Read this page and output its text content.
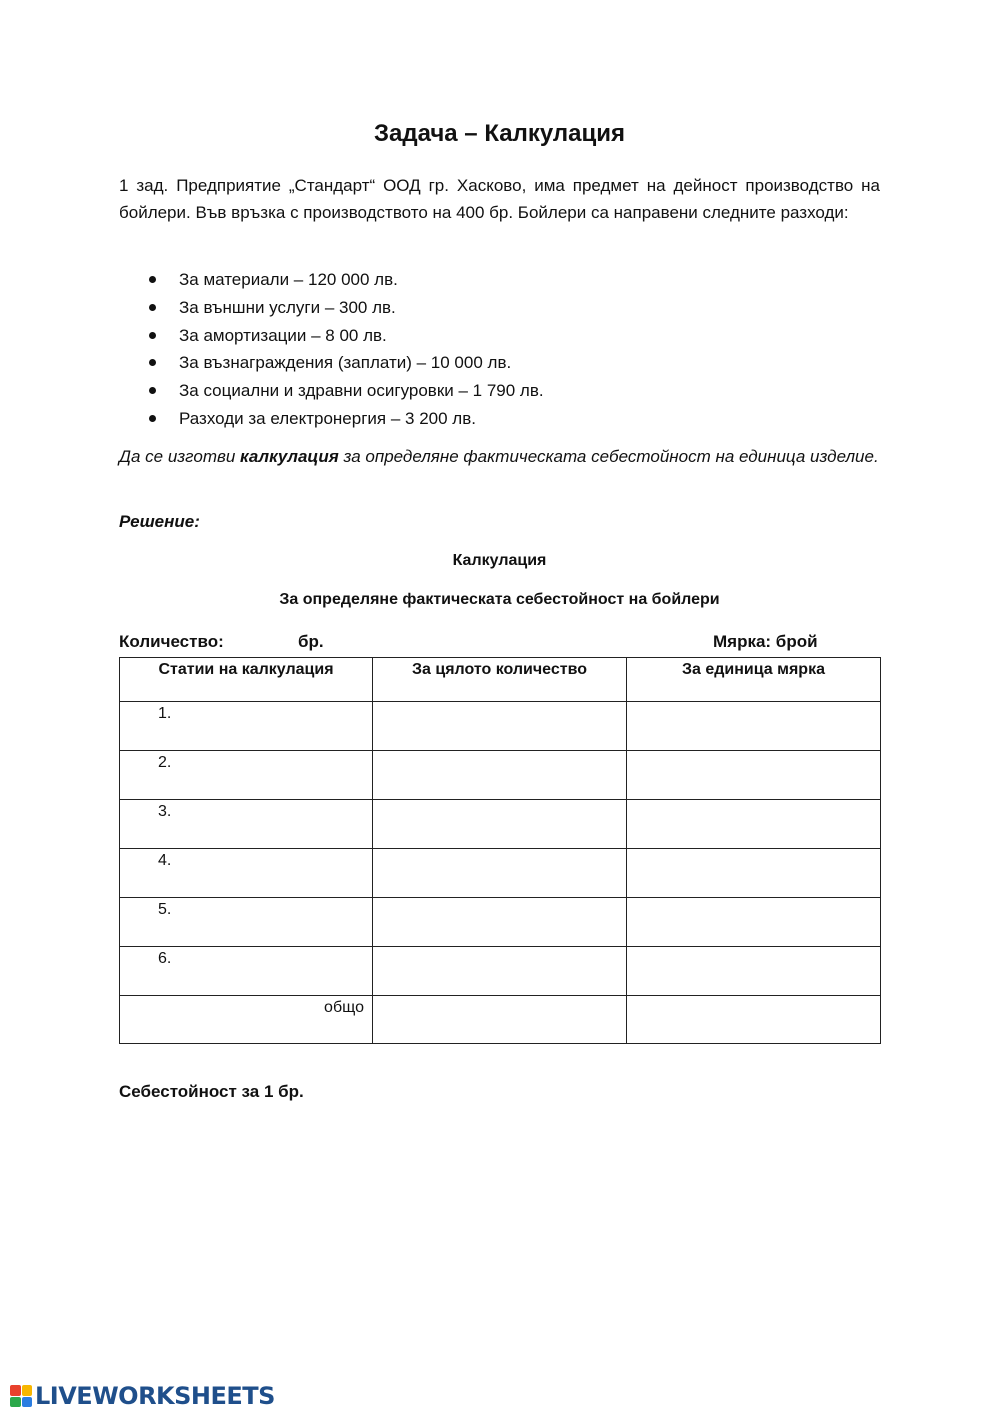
Задача – Калкулация

1 зад. Предприятие „Стандарт“ ООД гр. Хасково, има предмет на дейност производство на бойлери. Във връзка с производството на 400 бр. Бойлери са направени следните разходи:

За материали – 120 000 лв.
За външни услуги – 300 лв.
За амортизации – 8 00 лв.
За възнаграждения (заплати) – 10 000 лв.
За социални и здравни осигуровки – 1 790 лв.
Разходи за електронергия – 3 200 лв.

Да се изготви калкулация за определяне фактическата себестойност на единица изделие.

Решение:

Калкулация

За определяне фактическата себестойност на бойлери

Количество:	бр.	Мярка: брой
Статии на калкулация	За цялото количество	За единица мярка
1.		
2.		
3.		
4.		
5.		
6.		
общо		

Себестойност за 1 бр.

LIVEWORKSHEETS
